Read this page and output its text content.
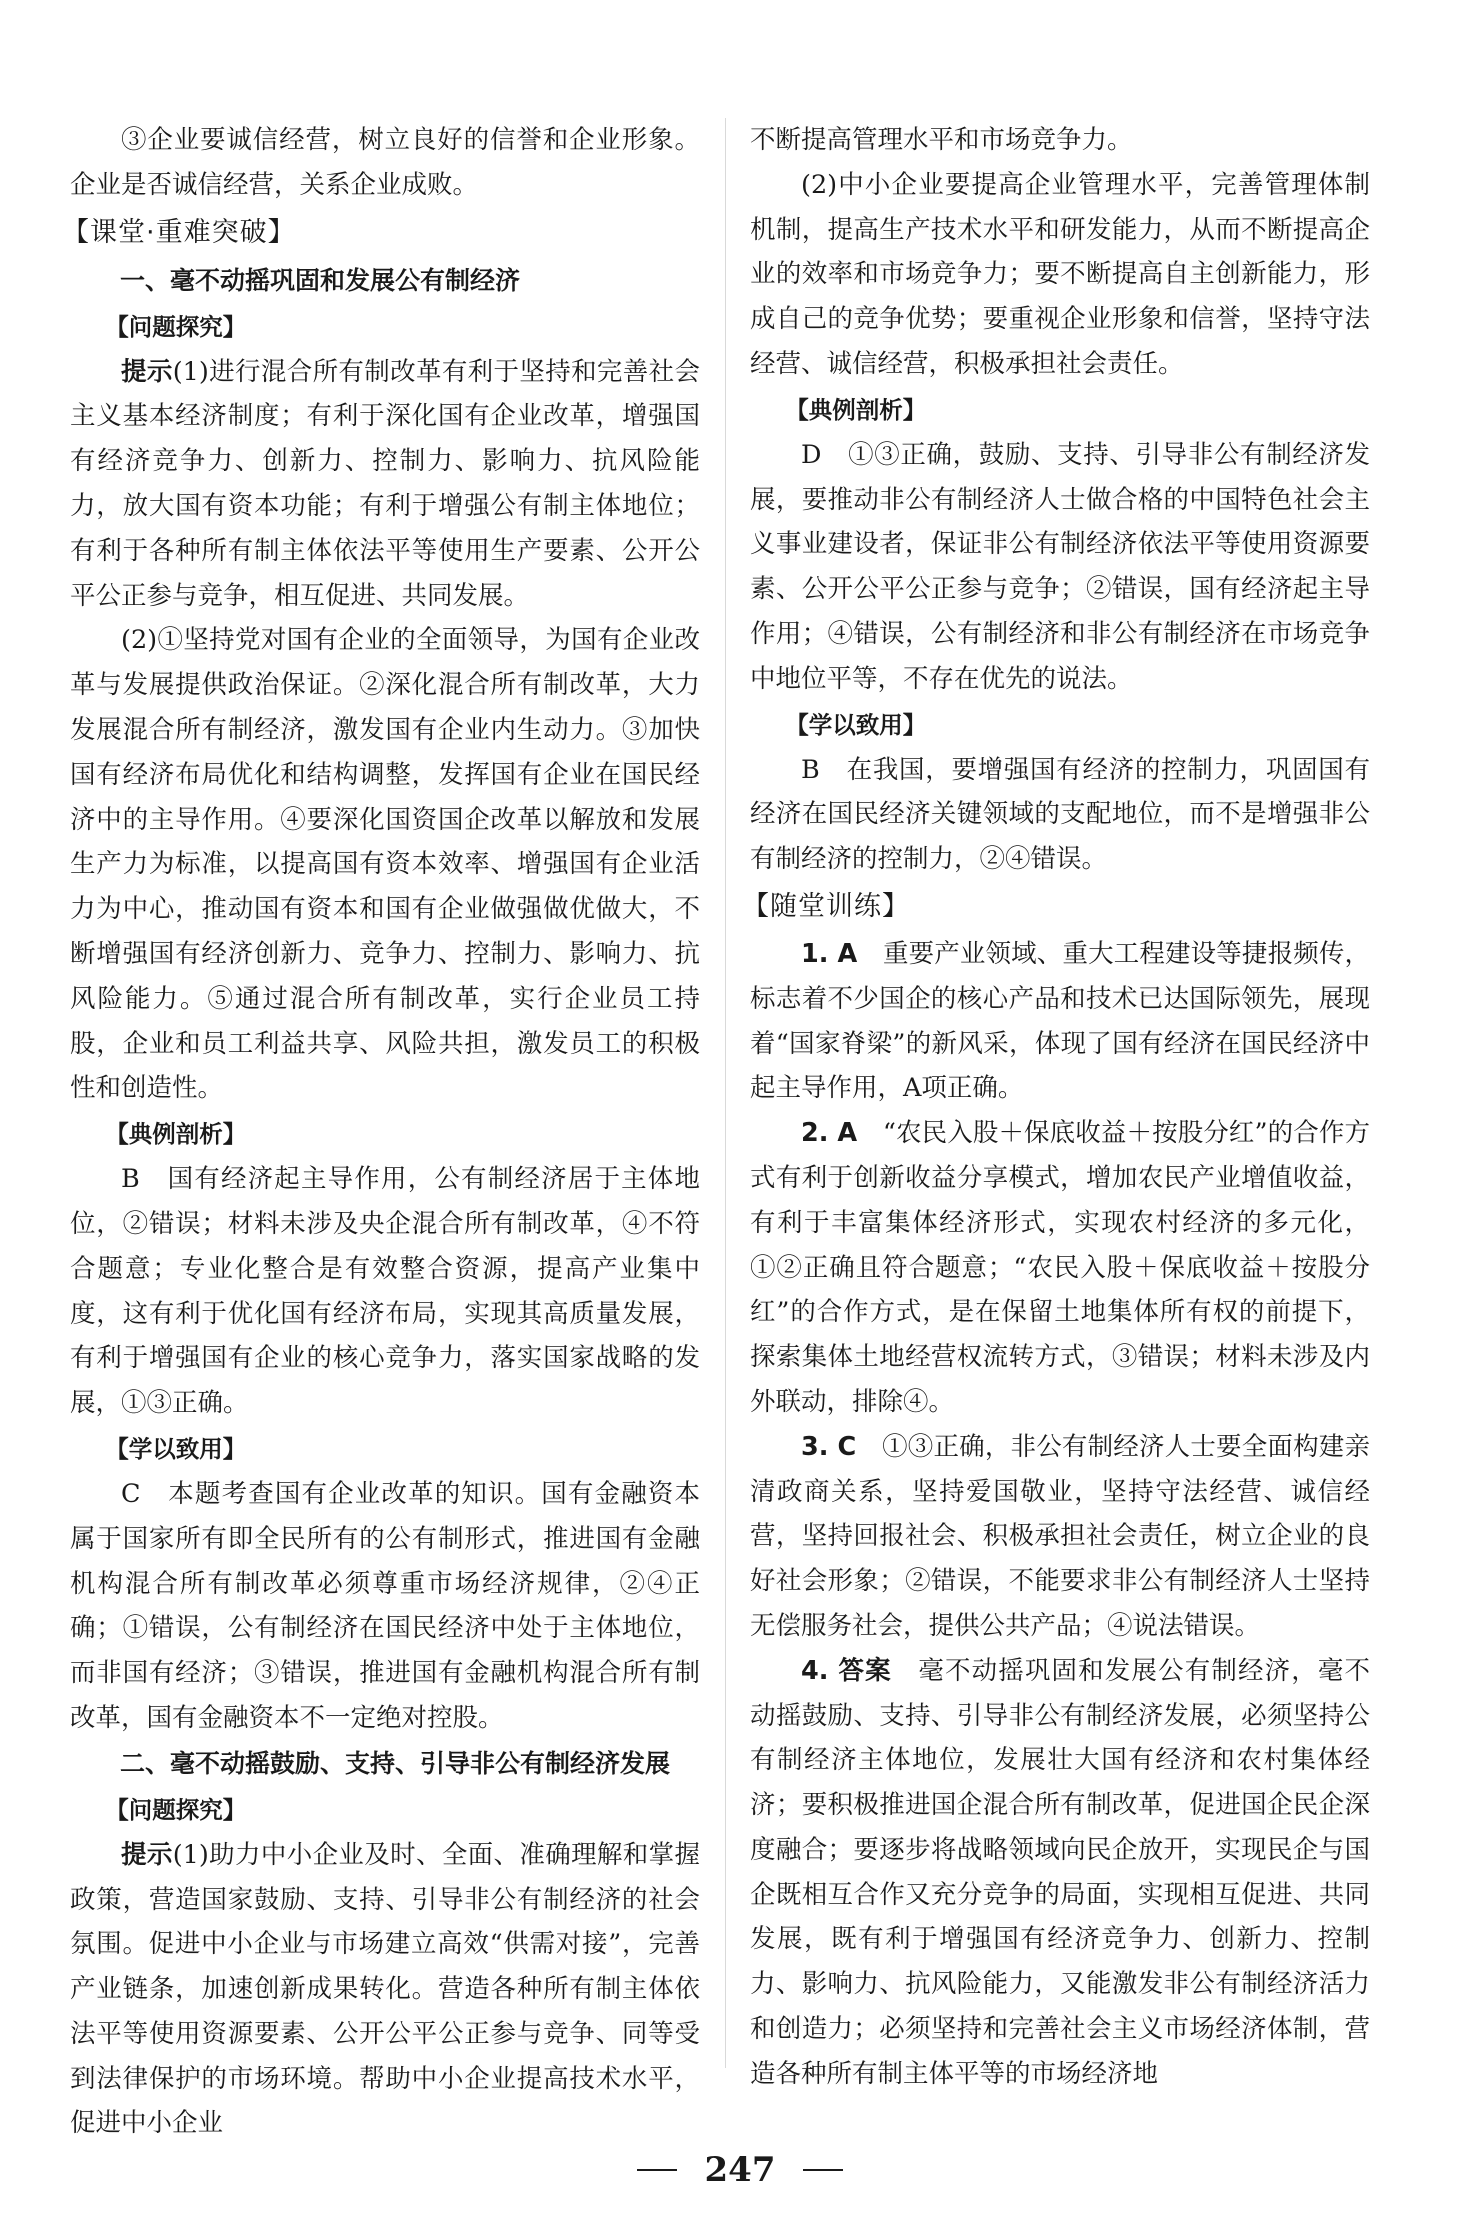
③企业要诚信经营，树立良好的信誉和企业形象。企业是否诚信经营，关系企业成败。

【课堂·重难突破】
一、毫不动摇巩固和发展公有制经济
【问题探究】

提示(1)进行混合所有制改革有利于坚持和完善社会主义基本经济制度；有利于深化国有企业改革，增强国有经济竞争力、创新力、控制力、影响力、抗风险能力，放大国有资本功能；有利于增强公有制主体地位；有利于各种所有制主体依法平等使用生产要素、公开公平公正参与竞争，相互促进、共同发展。

(2)①坚持党对国有企业的全面领导，为国有企业改革与发展提供政治保证。②深化混合所有制改革，大力发展混合所有制经济，激发国有企业内生动力。③加快国有经济布局优化和结构调整，发挥国有企业在国民经济中的主导作用。④要深化国资国企改革以解放和发展生产力为标准，以提高国有资本效率、增强国有企业活力为中心，推动国有资本和国有企业做强做优做大，不断增强国有经济创新力、竞争力、控制力、影响力、抗风险能力。⑤通过混合所有制改革，实行企业员工持股，企业和员工利益共享、风险共担，激发员工的积极性和创造性。

【典例剖析】

B　国有经济起主导作用，公有制经济居于主体地位，②错误；材料未涉及央企混合所有制改革，④不符合题意；专业化整合是有效整合资源，提高产业集中度，这有利于优化国有经济布局，实现其高质量发展，有利于增强国有企业的核心竞争力，落实国家战略的发展，①③正确。

【学以致用】

C　本题考查国有企业改革的知识。国有金融资本属于国家所有即全民所有的公有制形式，推进国有金融机构混合所有制改革必须尊重市场经济规律，②④正确；①错误，公有制经济在国民经济中处于主体地位，而非国有经济；③错误，推进国有金融机构混合所有制改革，国有金融资本不一定绝对控股。

二、毫不动摇鼓励、支持、引导非公有制经济发展
【问题探究】

提示(1)助力中小企业及时、全面、准确理解和掌握政策，营造国家鼓励、支持、引导非公有制经济的社会氛围。促进中小企业与市场建立高效“供需对接”，完善产业链条，加速创新成果转化。营造各种所有制主体依法平等使用资源要素、公开公平公正参与竞争、同等受到法律保护的市场环境。帮助中小企业提高技术水平，促进中小企业

不断提高管理水平和市场竞争力。

(2)中小企业要提高企业管理水平，完善管理体制机制，提高生产技术水平和研发能力，从而不断提高企业的效率和市场竞争力；要不断提高自主创新能力，形成自己的竞争优势；要重视企业形象和信誉，坚持守法经营、诚信经营，积极承担社会责任。

【典例剖析】

D　①③正确，鼓励、支持、引导非公有制经济发展，要推动非公有制经济人士做合格的中国特色社会主义事业建设者，保证非公有制经济依法平等使用资源要素、公开公平公正参与竞争；②错误，国有经济起主导作用；④错误，公有制经济和非公有制经济在市场竞争中地位平等，不存在优先的说法。

【学以致用】

B　在我国，要增强国有经济的控制力，巩固国有经济在国民经济关键领域的支配地位，而不是增强非公有制经济的控制力，②④错误。

【随堂训练】

1. A　重要产业领域、重大工程建设等捷报频传，标志着不少国企的核心产品和技术已达国际领先，展现着“国家脊梁”的新风采，体现了国有经济在国民经济中起主导作用，A项正确。

2. A　“农民入股＋保底收益＋按股分红”的合作方式有利于创新收益分享模式，增加农民产业增值收益，有利于丰富集体经济形式，实现农村经济的多元化，①②正确且符合题意；“农民入股＋保底收益＋按股分红”的合作方式，是在保留土地集体所有权的前提下，探索集体土地经营权流转方式，③错误；材料未涉及内外联动，排除④。

3. C　①③正确，非公有制经济人士要全面构建亲清政商关系，坚持爱国敬业，坚持守法经营、诚信经营，坚持回报社会、积极承担社会责任，树立企业的良好社会形象；②错误，不能要求非公有制经济人士坚持无偿服务社会，提供公共产品；④说法错误。

4. 答案　毫不动摇巩固和发展公有制经济，毫不动摇鼓励、支持、引导非公有制经济发展，必须坚持公有制经济主体地位，发展壮大国有经济和农村集体经济；要积极推进国企混合所有制改革，促进国企民企深度融合；要逐步将战略领域向民企放开，实现民企与国企既相互合作又充分竞争的局面，实现相互促进、共同发展，既有利于增强国有经济竞争力、创新力、控制力、影响力、抗风险能力，又能激发非公有制经济活力和创造力；必须坚持和完善社会主义市场经济体制，营造各种所有制主体平等的市场经济地

247
